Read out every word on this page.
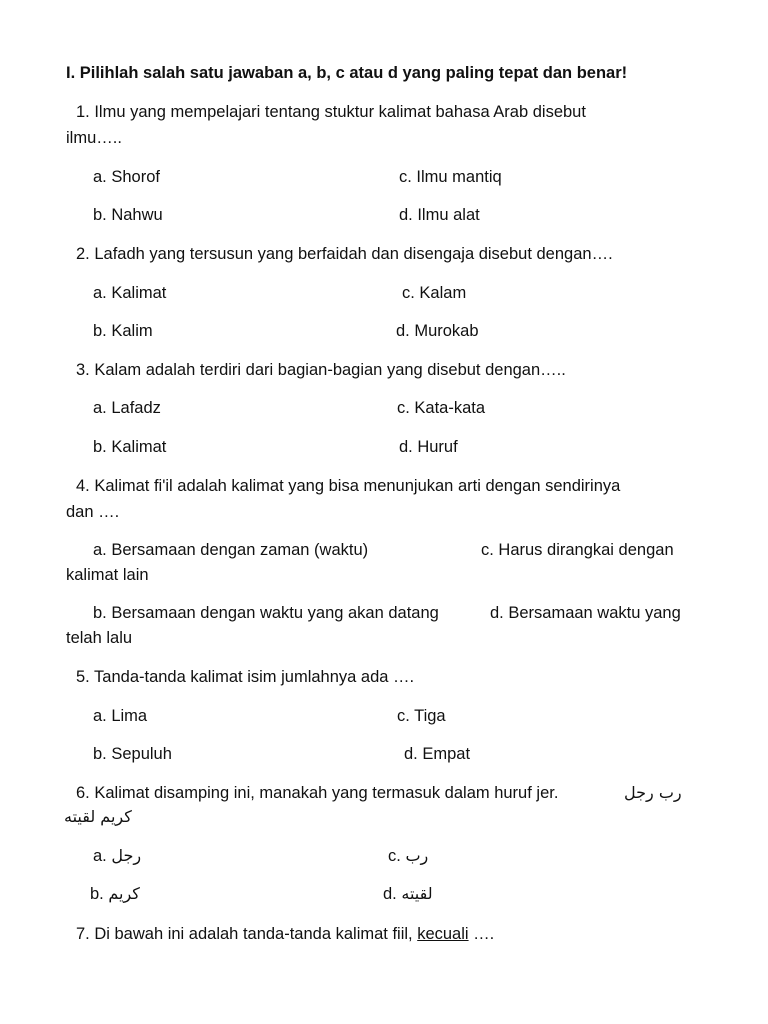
I. Pilihlah salah satu jawaban a, b, c atau d yang paling tepat dan benar!
1. Ilmu yang mempelajari tentang stuktur kalimat bahasa Arab disebut
ilmu…..
a. Shorof	c. Ilmu mantiq
b. Nahwu	d. Ilmu alat
2. Lafadh yang tersusun yang berfaidah dan disengaja disebut dengan….
a. Kalimat	c. Kalam
b. Kalim	d. Murokab
3. Kalam adalah terdiri dari bagian-bagian yang disebut dengan…..
a. Lafadz	c. Kata-kata
b. Kalimat	d. Huruf
4. Kalimat fi'il adalah kalimat yang bisa menunjukan arti dengan sendirinya
dan ….
a. Bersamaan dengan zaman (waktu)	c. Harus dirangkai dengan
kalimat lain
b. Bersamaan dengan waktu yang akan datang	d. Bersamaan waktu yang
telah lalu
5. Tanda-tanda kalimat isim jumlahnya ada ….
a. Lima	c. Tiga
b. Sepuluh	d. Empat
6. Kalimat disamping ini, manakah yang termasuk dalam huruf jer.	رب رجل
كريم لقيته
a. رجل	c. رب
b. كريم	d. لقيته
7. Di bawah ini adalah tanda-tanda kalimat fiil, kecuali ….
